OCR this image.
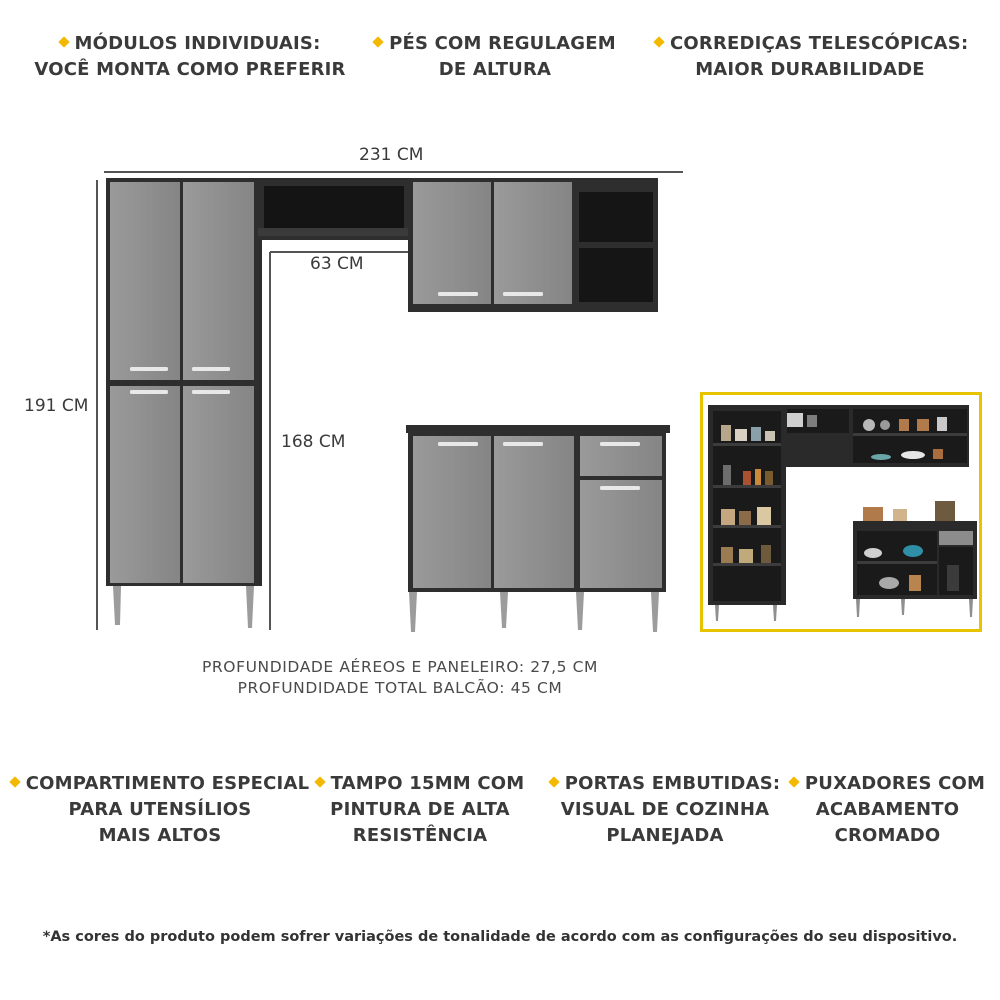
MÓDULOS INDIVIDUAIS:
VOCÊ MONTA COMO PREFERIR
PÉS COM REGULAGEM
DE ALTURA
CORREDIÇAS TELESCÓPICAS:
MAIOR DURABILIDADE
231 CM
191 CM
63 CM
168 CM
PROFUNDIDADE AÉREOS E PANELEIRO: 27,5 CM
PROFUNDIDADE TOTAL BALCÃO: 45 CM
COMPARTIMENTO ESPECIAL
PARA UTENSÍLIOS
MAIS ALTOS
TAMPO 15MM COM
PINTURA DE ALTA
RESISTÊNCIA
PORTAS EMBUTIDAS:
VISUAL DE COZINHA
PLANEJADA
PUXADORES COM
ACABAMENTO
CROMADO
*As cores do produto podem sofrer variações de tonalidade de acordo com as configurações do seu dispositivo.
